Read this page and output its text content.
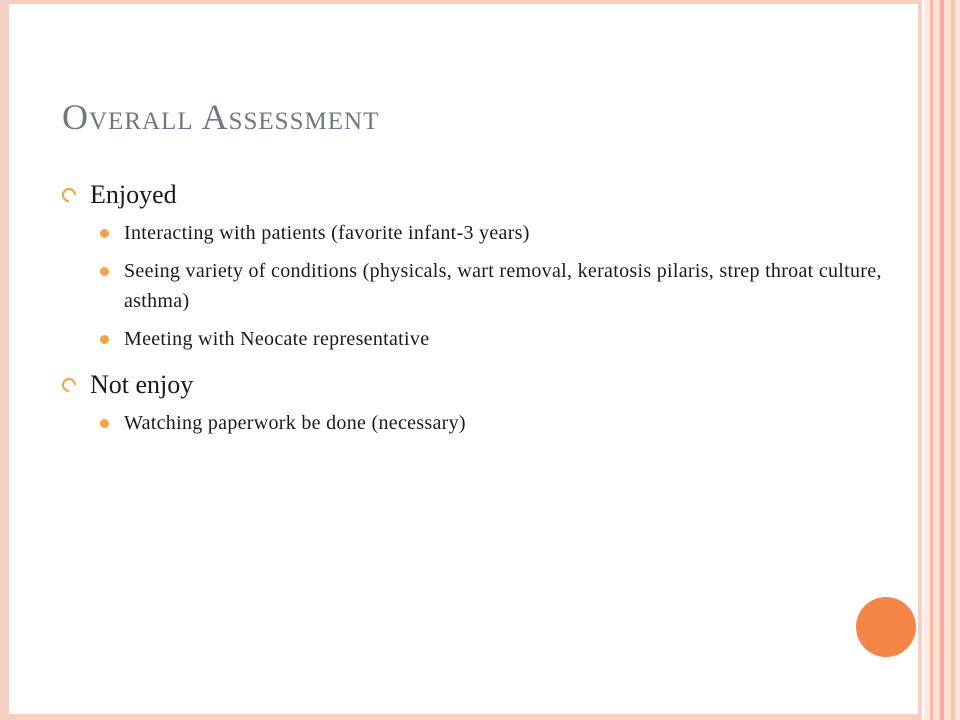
Overall Assessment
Enjoyed
Interacting with patients (favorite infant-3 years)
Seeing variety of conditions (physicals, wart removal, keratosis pilaris, strep throat culture, asthma)
Meeting with Neocate representative
Not enjoy
Watching paperwork be done (necessary)
